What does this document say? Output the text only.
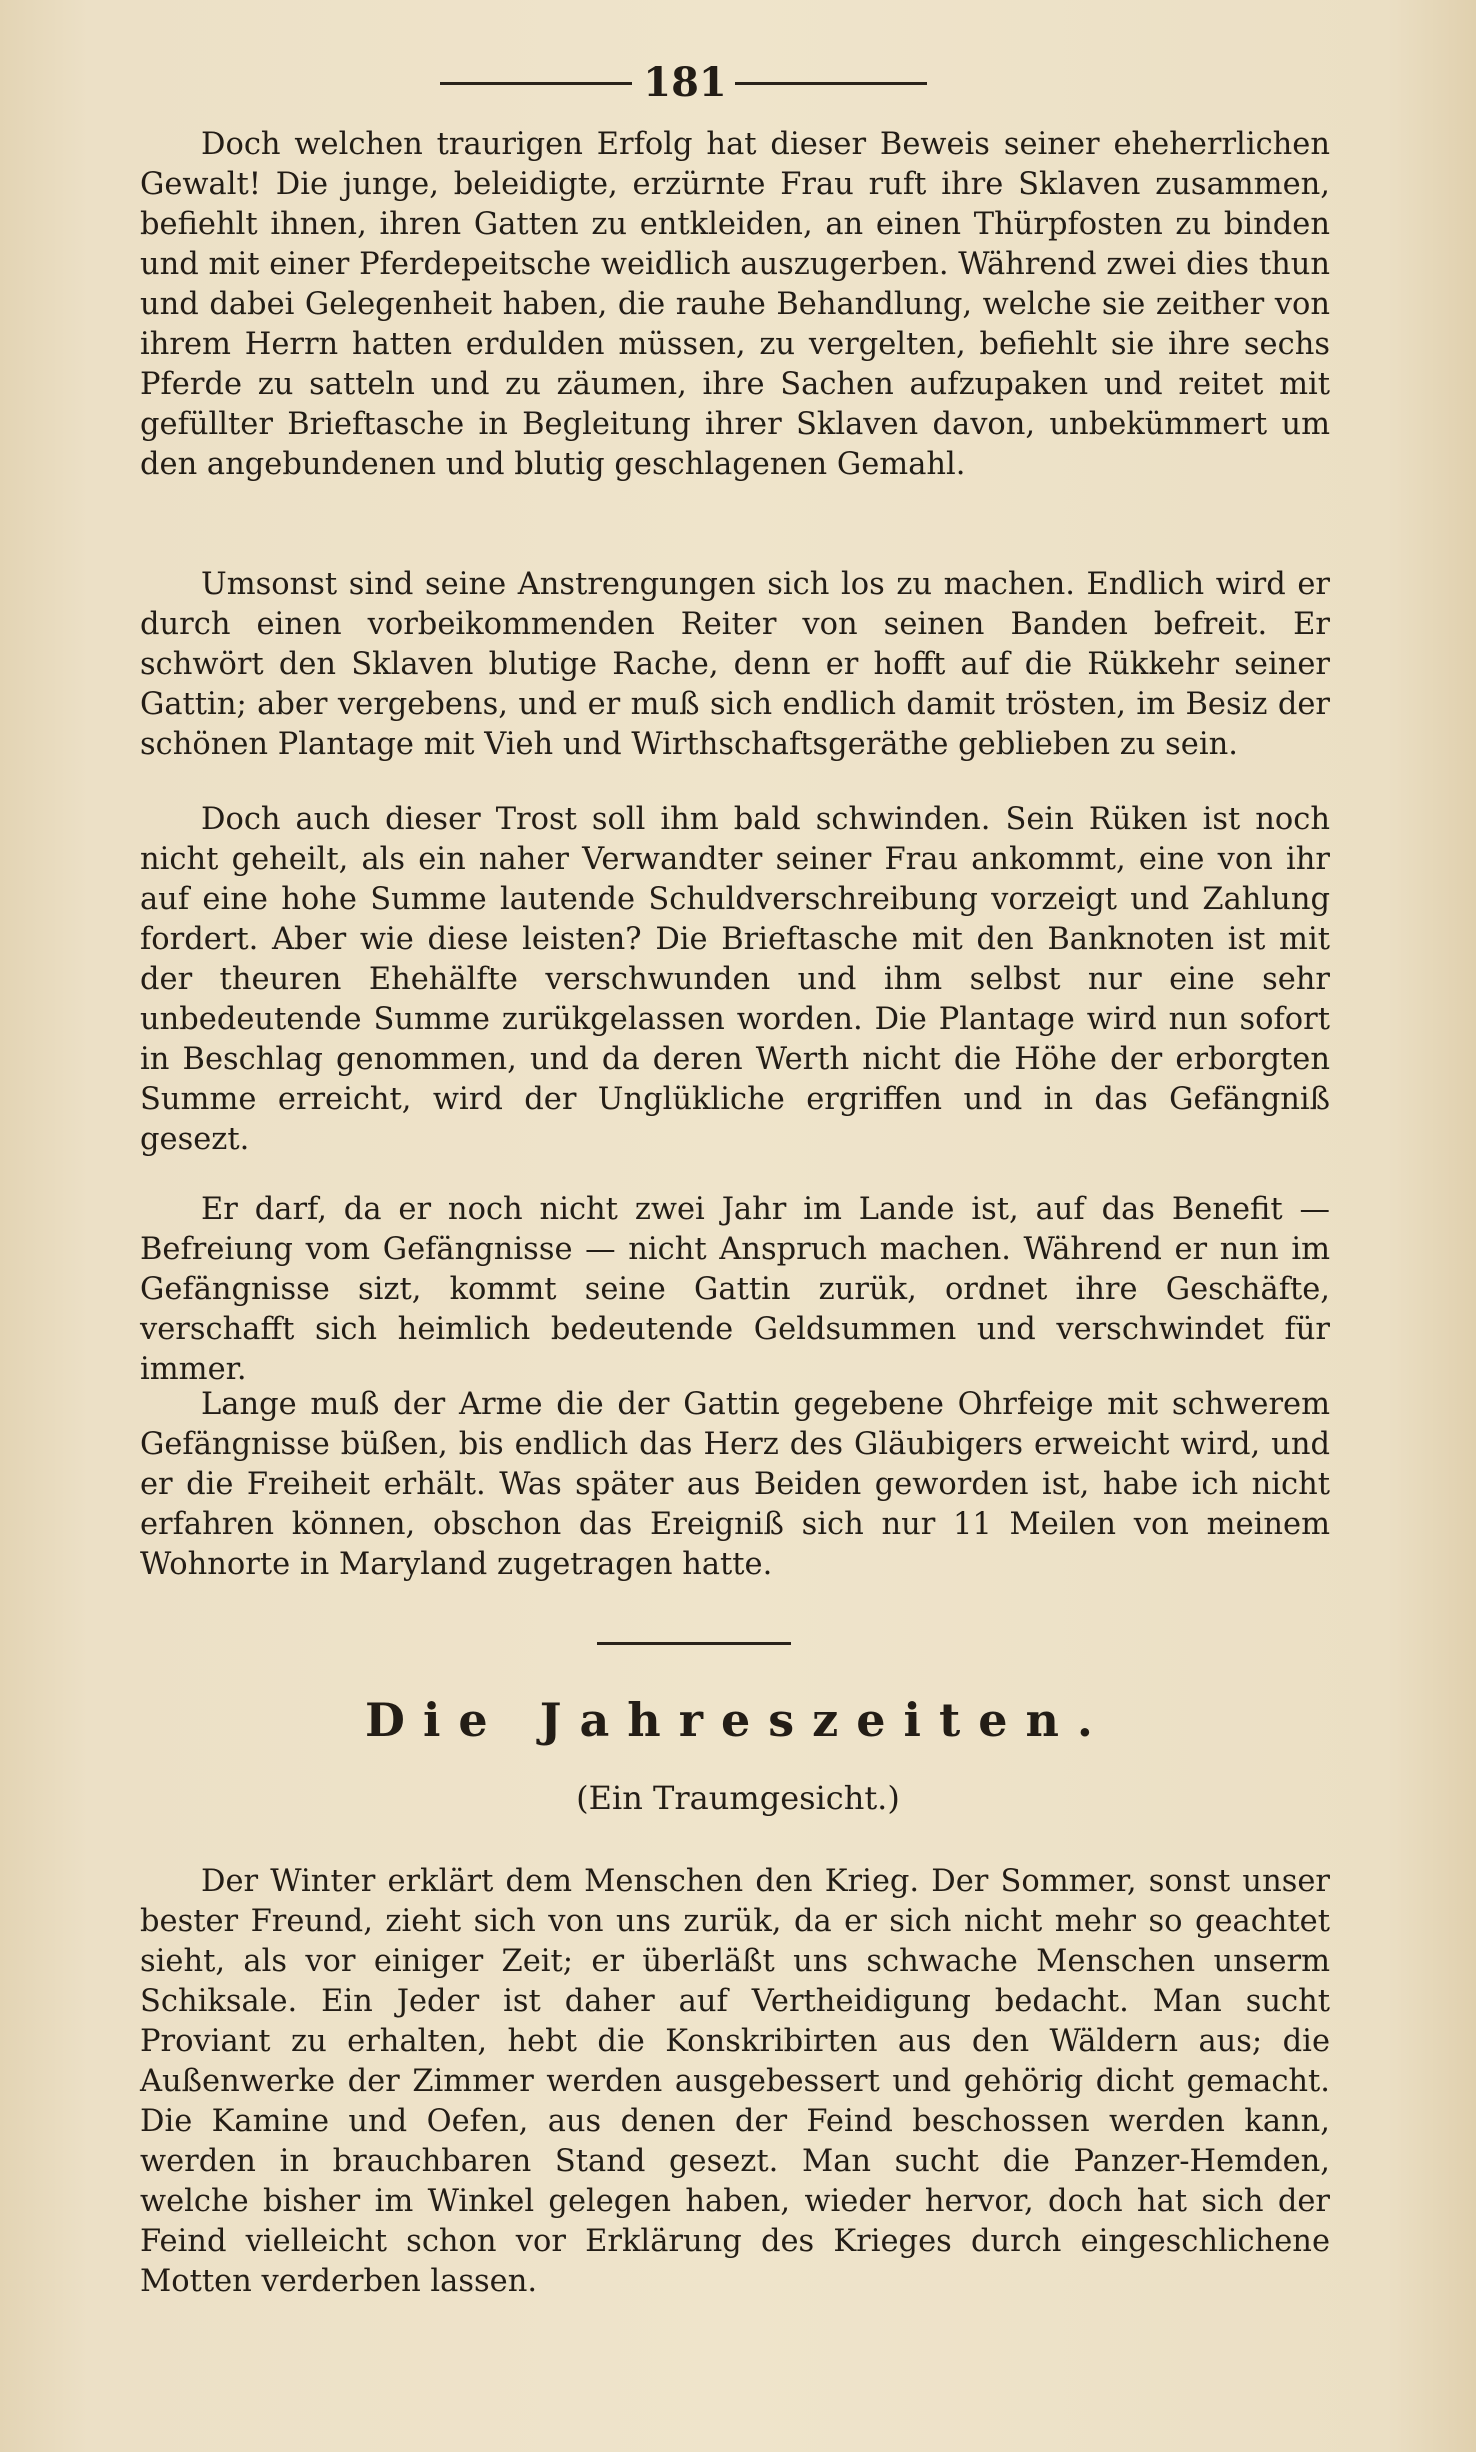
181

Doch welchen traurigen Erfolg hat dieser Beweis seiner eheherrlichen Gewalt! Die junge, beleidigte, erzürnte Frau ruft ihre Sklaven zusammen, befiehlt ihnen, ihren Gatten zu entkleiden, an einen Thürpfosten zu binden und mit einer Pferdepeitsche weidlich auszugerben. Während zwei dies thun und dabei Gelegenheit haben, die rauhe Behandlung, welche sie zeither von ihrem Herrn hatten erdulden müssen, zu vergelten, befiehlt sie ihre sechs Pferde zu satteln und zu zäumen, ihre Sachen aufzupaken und reitet mit gefüllter Brieftasche in Begleitung ihrer Sklaven davon, unbekümmert um den angebundenen und blutig geschlagenen Gemahl.

Umsonst sind seine Anstrengungen sich los zu machen. Endlich wird er durch einen vorbeikommenden Reiter von seinen Banden befreit. Er schwört den Sklaven blutige Rache, denn er hofft auf die Rükkehr seiner Gattin; aber vergebens, und er muß sich endlich damit trösten, im Besiz der schönen Plantage mit Vieh und Wirthschaftsgeräthe geblieben zu sein.

Doch auch dieser Trost soll ihm bald schwinden. Sein Rüken ist noch nicht geheilt, als ein naher Verwandter seiner Frau ankommt, eine von ihr auf eine hohe Summe lautende Schuldverschreibung vorzeigt und Zahlung fordert. Aber wie diese leisten? Die Brieftasche mit den Banknoten ist mit der theuren Ehehälfte verschwunden und ihm selbst nur eine sehr unbedeutende Summe zurükgelassen worden. Die Plantage wird nun sofort in Beschlag genommen, und da deren Werth nicht die Höhe der erborgten Summe erreicht, wird der Unglükliche ergriffen und in das Gefängniß gesezt.

Er darf, da er noch nicht zwei Jahr im Lande ist, auf das Benefit — Befreiung vom Gefängnisse — nicht Anspruch machen. Während er nun im Gefängnisse sizt, kommt seine Gattin zurük, ordnet ihre Geschäfte, verschafft sich heimlich bedeutende Geldsummen und verschwindet für immer.

Lange muß der Arme die der Gattin gegebene Ohrfeige mit schwerem Gefängnisse büßen, bis endlich das Herz des Gläubigers erweicht wird, und er die Freiheit erhält. Was später aus Beiden geworden ist, habe ich nicht erfahren können, obschon das Ereigniß sich nur 11 Meilen von meinem Wohnorte in Maryland zugetragen hatte.

Die Jahreszeiten.
(Ein Traumgesicht.)

Der Winter erklärt dem Menschen den Krieg. Der Sommer, sonst unser bester Freund, zieht sich von uns zurük, da er sich nicht mehr so geachtet sieht, als vor einiger Zeit; er überläßt uns schwache Menschen unserm Schiksale. Ein Jeder ist daher auf Vertheidigung bedacht. Man sucht Proviant zu erhalten, hebt die Konskribirten aus den Wäldern aus; die Außenwerke der Zimmer werden ausgebessert und gehörig dicht gemacht. Die Kamine und Oefen, aus denen der Feind beschossen werden kann, werden in brauchbaren Stand gesezt. Man sucht die Panzer-Hemden, welche bisher im Winkel gelegen haben, wieder hervor, doch hat sich der Feind vielleicht schon vor Erklärung des Krieges durch eingeschlichene Motten verderben lassen.
